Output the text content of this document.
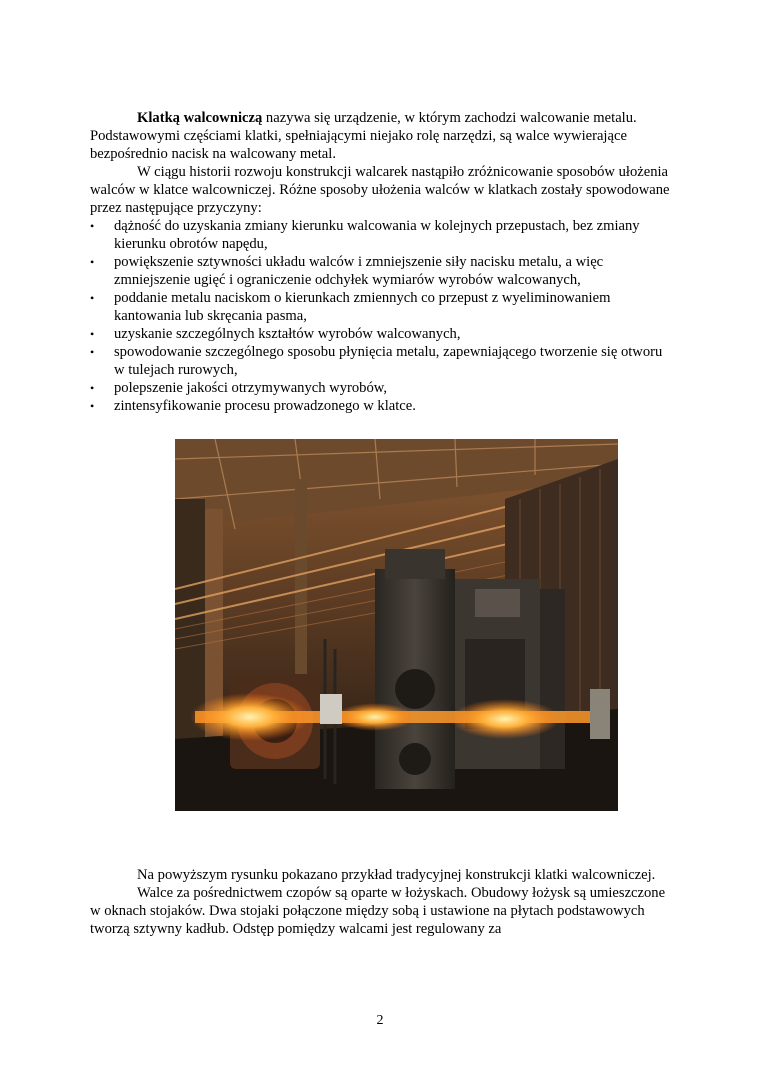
Klatką walcowniczą nazywa się urządzenie, w którym zachodzi walcowanie metalu. Podstawowymi częściami klatki, spełniającymi niejako rolę narzędzi, są walce wywierające bezpośrednio nacisk na walcowany metal.

W ciągu historii rozwoju konstrukcji walcarek nastąpiło zróżnicowanie sposobów ułożenia walców w klatce walcowniczej. Różne sposoby ułożenia walców w klatkach zostały spowodowane przez następujące przyczyny:

• dążność do uzyskania zmiany kierunku walcowania w kolejnych przepustach, bez zmiany kierunku obrotów napędu,
• powiększenie sztywności układu walców i zmniejszenie siły nacisku metalu, a więc zmniejszenie ugięć i ograniczenie odchyłek wymiarów wyrobów walcowanych,
• poddanie metalu naciskom o kierunkach zmiennych co przepust z wyeliminowaniem kantowania lub skręcania pasma,
• uzyskanie szczególnych kształtów wyrobów walcowanych,
• spowodowanie szczególnego sposobu płynięcia metalu, zapewniającego tworzenie się otworu w tulejach rurowych,
• polepszenie jakości otrzymywanych wyrobów,
• zintensyfikowanie procesu prowadzonego w klatce.

Na powyższym rysunku pokazano przykład tradycyjnej konstrukcji klatki walcowniczej.

Walce za pośrednictwem czopów są oparte w łożyskach. Obudowy łożysk są umieszczone w oknach stojaków. Dwa stojaki połączone między sobą i ustawione na płytach podstawowych tworzą sztywny kadłub. Odstęp pomiędzy walcami jest regulowany za

2
